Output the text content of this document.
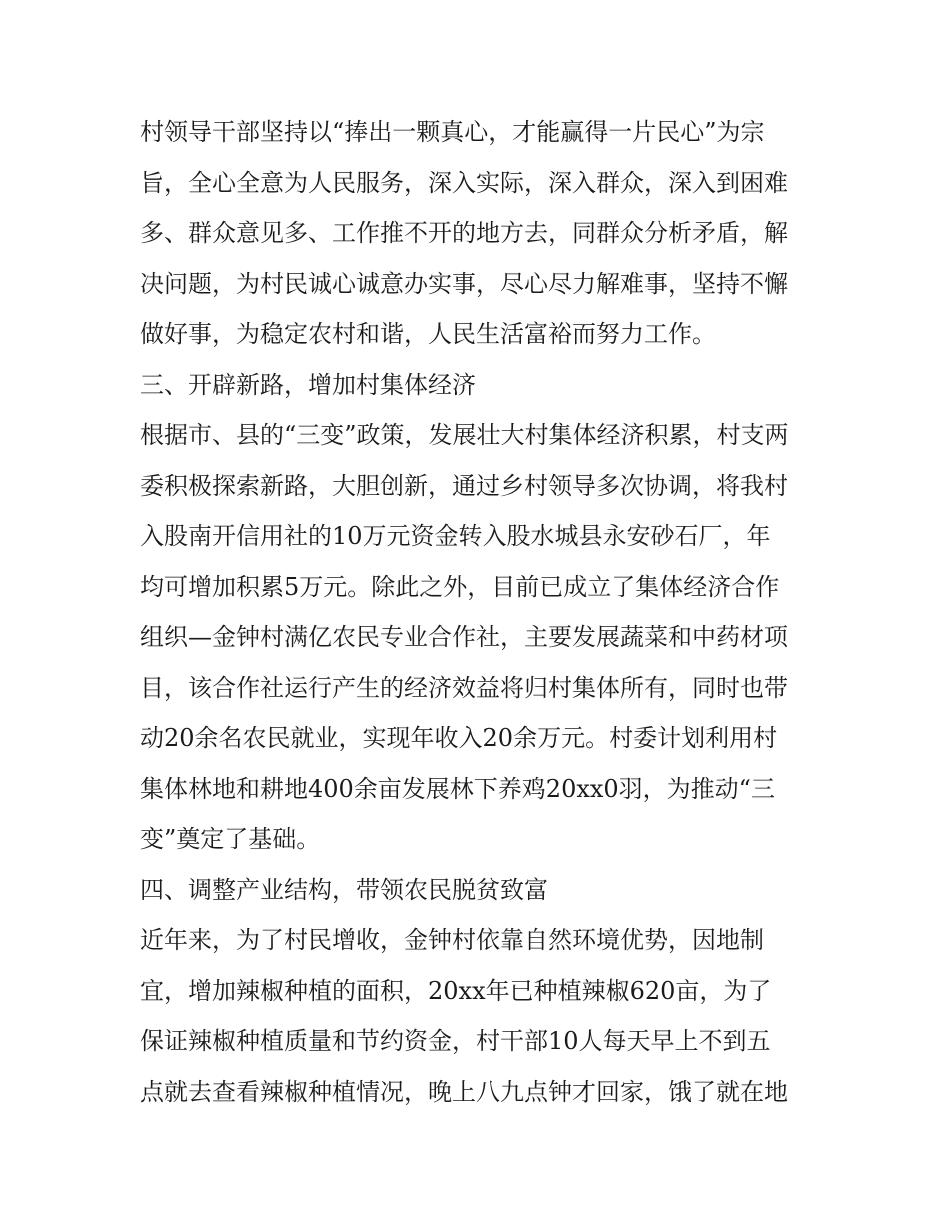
村领导干部坚持以“捧出一颗真心，才能赢得一片民心”为宗
旨，全心全意为人民服务，深入实际，深入群众，深入到困难
多、群众意见多、工作推不开的地方去，同群众分析矛盾，解
决问题，为村民诚心诚意办实事，尽心尽力解难事，坚持不懈
做好事，为稳定农村和谐，人民生活富裕而努力工作。
三、开辟新路，增加村集体经济
根据市、县的“三变”政策，发展壮大村集体经济积累，村支两
委积极探索新路，大胆创新，通过乡村领导多次协调，将我村
入股南开信用社的10万元资金转入股水城县永安砂石厂，年
均可增加积累5万元。除此之外，目前已成立了集体经济合作
组织—金钟村满亿农民专业合作社，主要发展蔬菜和中药材项
目，该合作社运行产生的经济效益将归村集体所有，同时也带
动20余名农民就业，实现年收入20余万元。村委计划利用村
集体林地和耕地400余亩发展林下养鸡20xx0羽，为推动“三
变”奠定了基础。
四、调整产业结构，带领农民脱贫致富
近年来，为了村民增收，金钟村依靠自然环境优势，因地制
宜，增加辣椒种植的面积，20xx年已种植辣椒620亩，为了
保证辣椒种植质量和节约资金，村干部10人每天早上不到五
点就去查看辣椒种植情况，晚上八九点钟才回家，饿了就在地
